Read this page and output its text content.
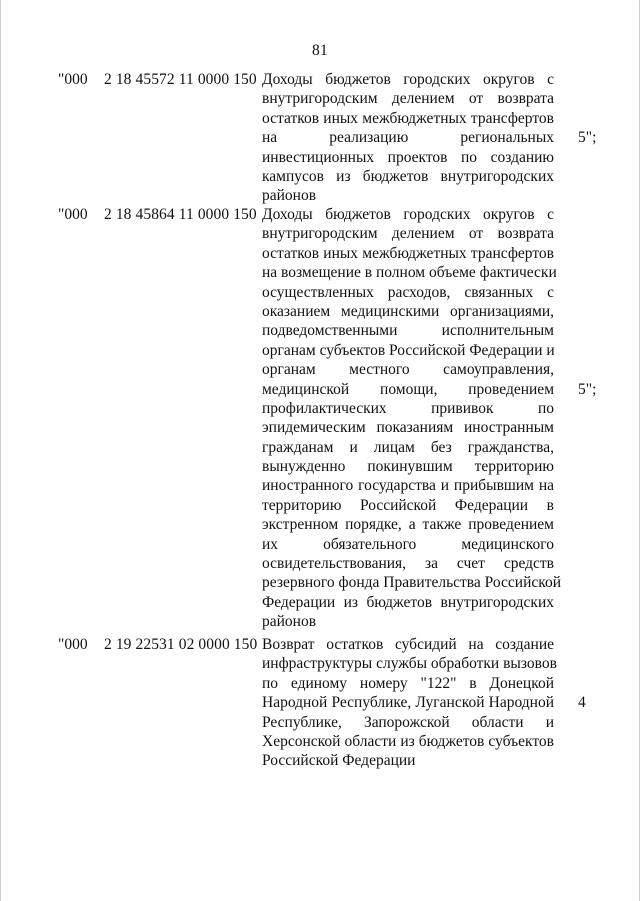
81
"000 2 18 45572 11 0000 150 Доходы бюджетов городских округов с
внутригородским делением от возврата
остатков иных межбюджетных трансфертов
на реализацию региональных
инвестиционных проектов по созданию
кампусов из бюджетов внутригородских
районов
5";
"000 2 18 45864 11 0000 150 Доходы бюджетов городских округов с
внутригородским делением от возврата
остатков иных межбюджетных трансфертов
на возмещение в полном объеме фактически
осуществленных расходов, связанных с
оказанием медицинскими организациями,
подведомственными исполнительным
органам субъектов Российской Федерации и
органам местного самоуправления,
медицинской помощи, проведением
профилактических прививок по
эпидемическим показаниям иностранным
гражданам и лицам без гражданства,
вынужденно покинувшим территорию
иностранного государства и прибывшим на
территорию Российской Федерации в
экстренном порядке, а также проведением
их обязательного медицинского
освидетельствования, за счет средств
резервного фонда Правительства Российской
Федерации из бюджетов внутригородских
районов
5";
"000 2 19 22531 02 0000 150 Возврат остатков субсидий на создание
инфраструктуры службы обработки вызовов
по единому номеру "122" в Донецкой
Народной Республике, Луганской Народной
Республике, Запорожской области и
Херсонской области из бюджетов субъектов
Российской Федерации
4
